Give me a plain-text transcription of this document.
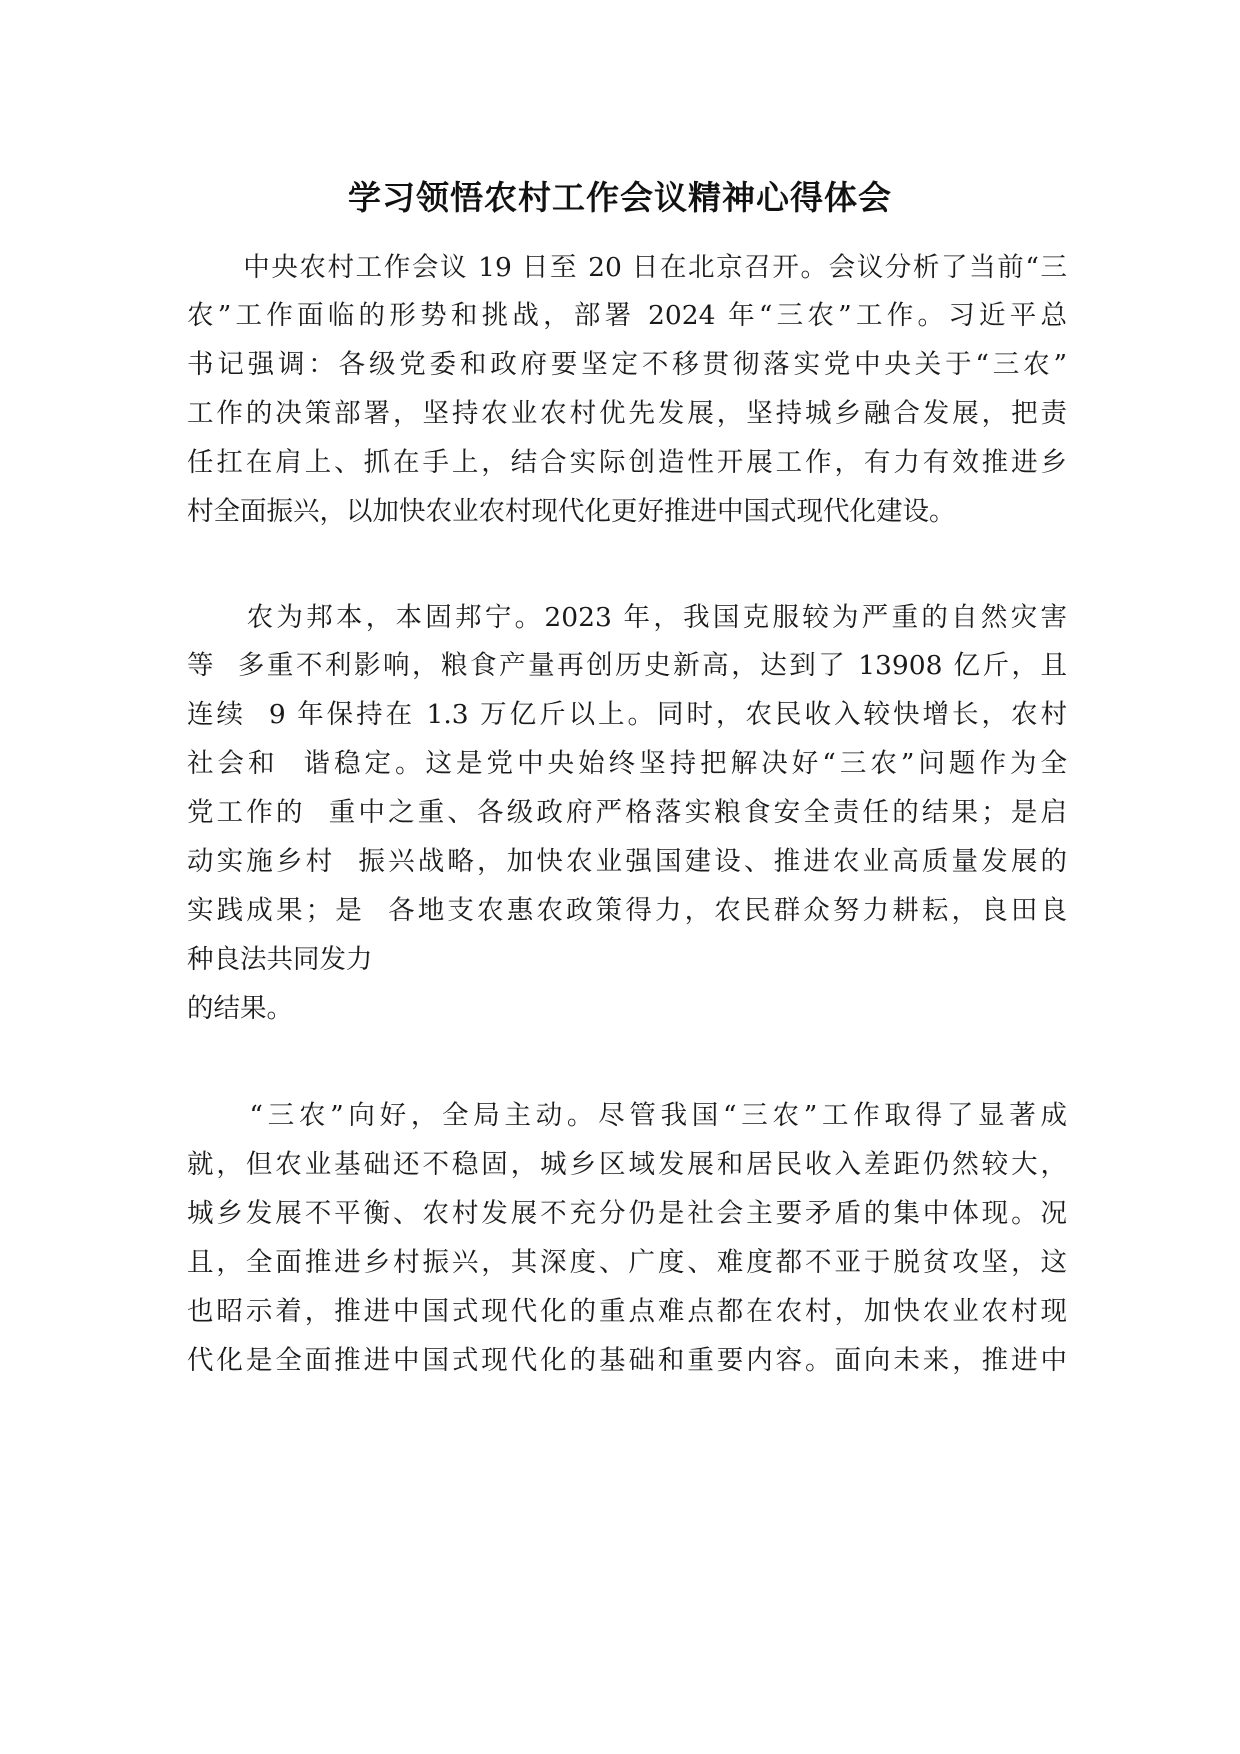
学习领悟农村工作会议精神心得体会
　　中央农村工作会议 19 日至 20 日在北京召开。会议分析了当前“三
农”工作面临的形势和挑战，部署 2024 年“三农”工作。习近平总
书记强调：各级党委和政府要坚定不移贯彻落实党中央关于“三农”
工作的决策部署，坚持农业农村优先发展，坚持城乡融合发展，把责
任扛在肩上、抓在手上，结合实际创造性开展工作，有力有效推进乡
村全面振兴，以加快农业农村现代化更好推进中国式现代化建设。
　　农为邦本，本固邦宁。2023 年，我国克服较为严重的自然灾害
等  多重不利影响，粮食产量再创历史新高，达到了 13908 亿斤，且
连续  9 年保持在 1.3 万亿斤以上。同时，农民收入较快增长，农村
社会和  谐稳定。这是党中央始终坚持把解决好“三农”问题作为全
党工作的  重中之重、各级政府严格落实粮食安全责任的结果；是启
动实施乡村  振兴战略，加快农业强国建设、推进农业高质量发展的
实践成果；是  各地支农惠农政策得力，农民群众努力耕耘，良田良
种良法共同发力
的结果。
　　“三农”向好，全局主动。尽管我国“三农”工作取得了显著成
就，但农业基础还不稳固，城乡区域发展和居民收入差距仍然较大，
城乡发展不平衡、农村发展不充分仍是社会主要矛盾的集中体现。况
且，全面推进乡村振兴，其深度、广度、难度都不亚于脱贫攻坚，这
也昭示着，推进中国式现代化的重点难点都在农村，加快农业农村现
代化是全面推进中国式现代化的基础和重要内容。面向未来，推进中
